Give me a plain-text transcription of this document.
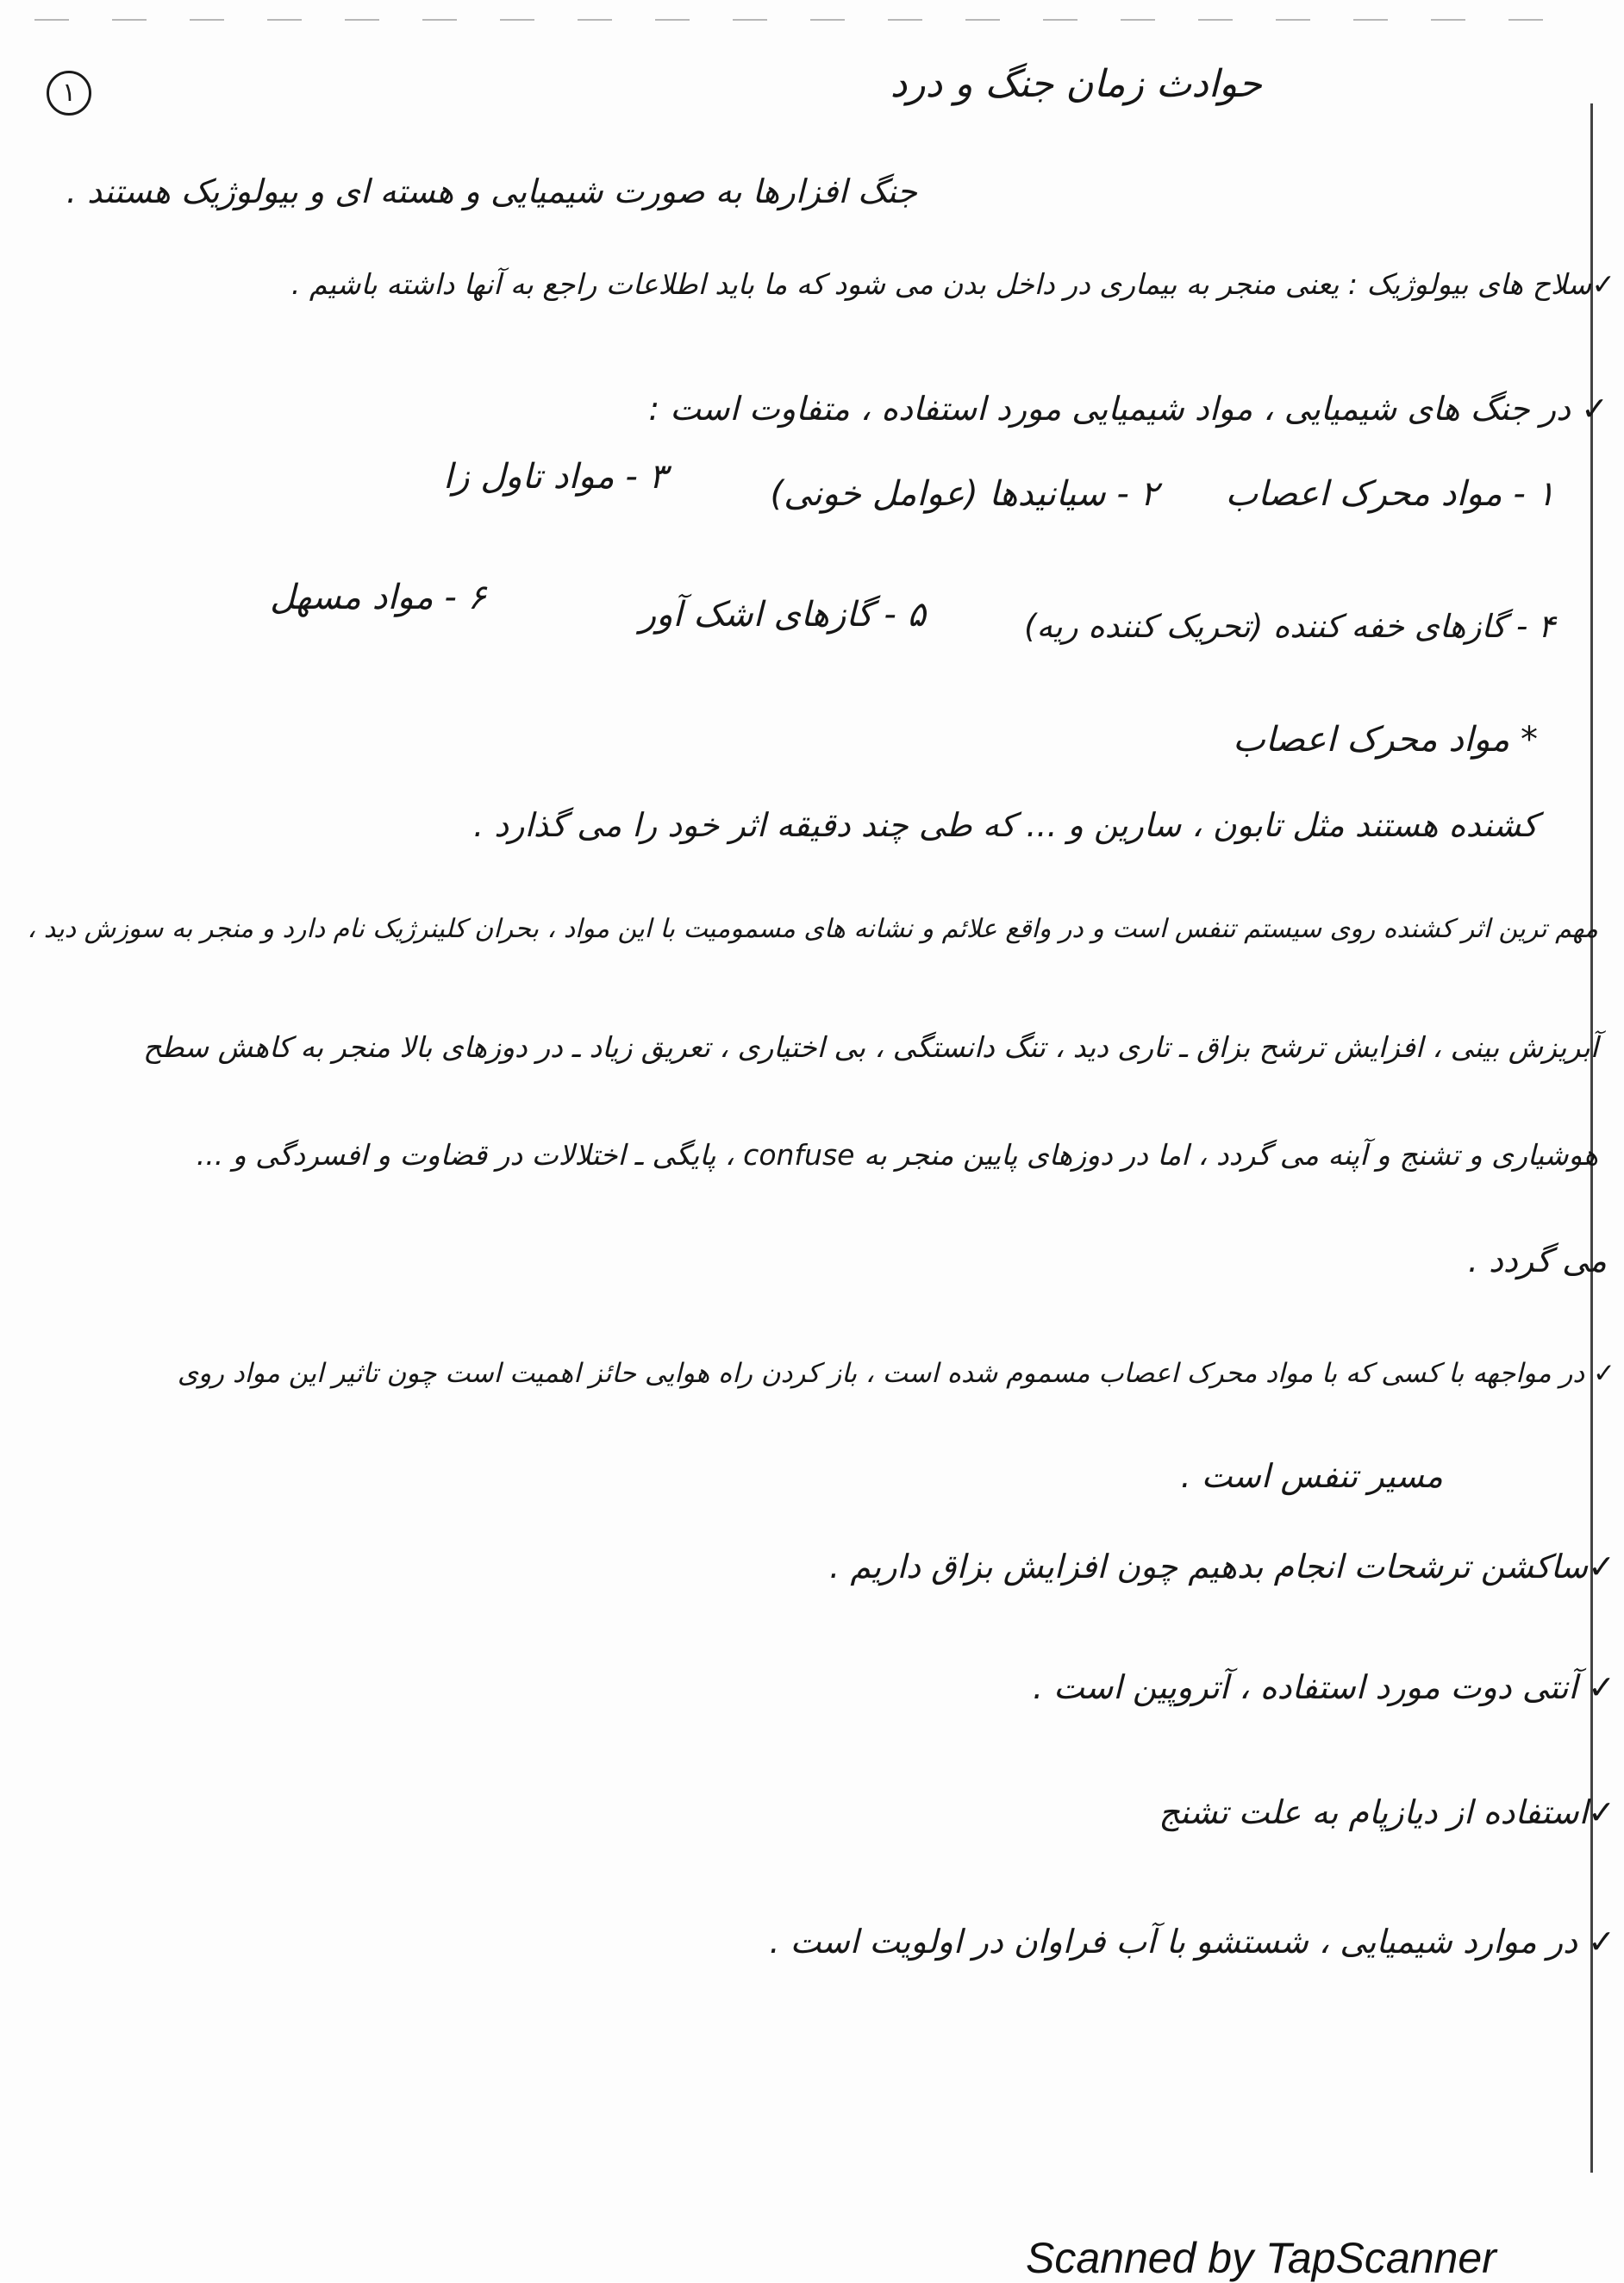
۱	حوادث زمان جنگ و درد
جنگ افزارها به صورت شیمیایی و هسته ای و بیولوژیک هستند .
✓سلاح های بیولوژیک : یعنی منجر به بیماری در داخل بدن می شود که ما باید اطلاعات راجع به آنها داشته باشیم .
✓ در جنگ های شیمیایی ، مواد شیمیایی مورد استفاده ، متفاوت است :
۱ - مواد محرک اعصاب
۲ - سیانیدها (عوامل خونی)
۳ - مواد تاول زا
۴ - گازهای خفه کننده (تحریک کننده ریه)
۵ - گازهای اشک آور
۶ - مواد مسهل
* مواد محرک اعصاب
کشنده هستند مثل تابون ، سارین و ... که طی چند دقیقه اثر خود را می گذارد .
مهم ترین اثر کشنده روی سیستم تنفس است و در واقع علائم و نشانه های مسمومیت با این مواد ، بحران کلینرژیک نام دارد و منجر به سوزش دید ،
آبریزش بینی ، افزایش ترشح بزاق ـ تاری دید ، تنگ دانستگی ، بی اختیاری ، تعریق زیاد ـ در دوزهای بالا منجر به کاهش سطح
هوشیاری و تشنج و آپنه می گردد ، اما در دوزهای پایین منجر به confuse ، پایگی ـ اختلالات در قضاوت و افسردگی و ...
می گردد .
✓ در مواجهه با کسی که با مواد محرک اعصاب مسموم شده است ، باز کردن راه هوایی حائز اهمیت است چون تاثیر این مواد روی
مسیر تنفس است .
✓ساکشن ترشحات انجام بدهیم چون افزایش بزاق داریم .
✓ آنتی دوت مورد استفاده ، آتروپین است .
✓استفاده از دیازپام به علت تشنج
✓ در موارد شیمیایی ، شستشو با آب فراوان در اولویت است .
Scanned by TapScanner
